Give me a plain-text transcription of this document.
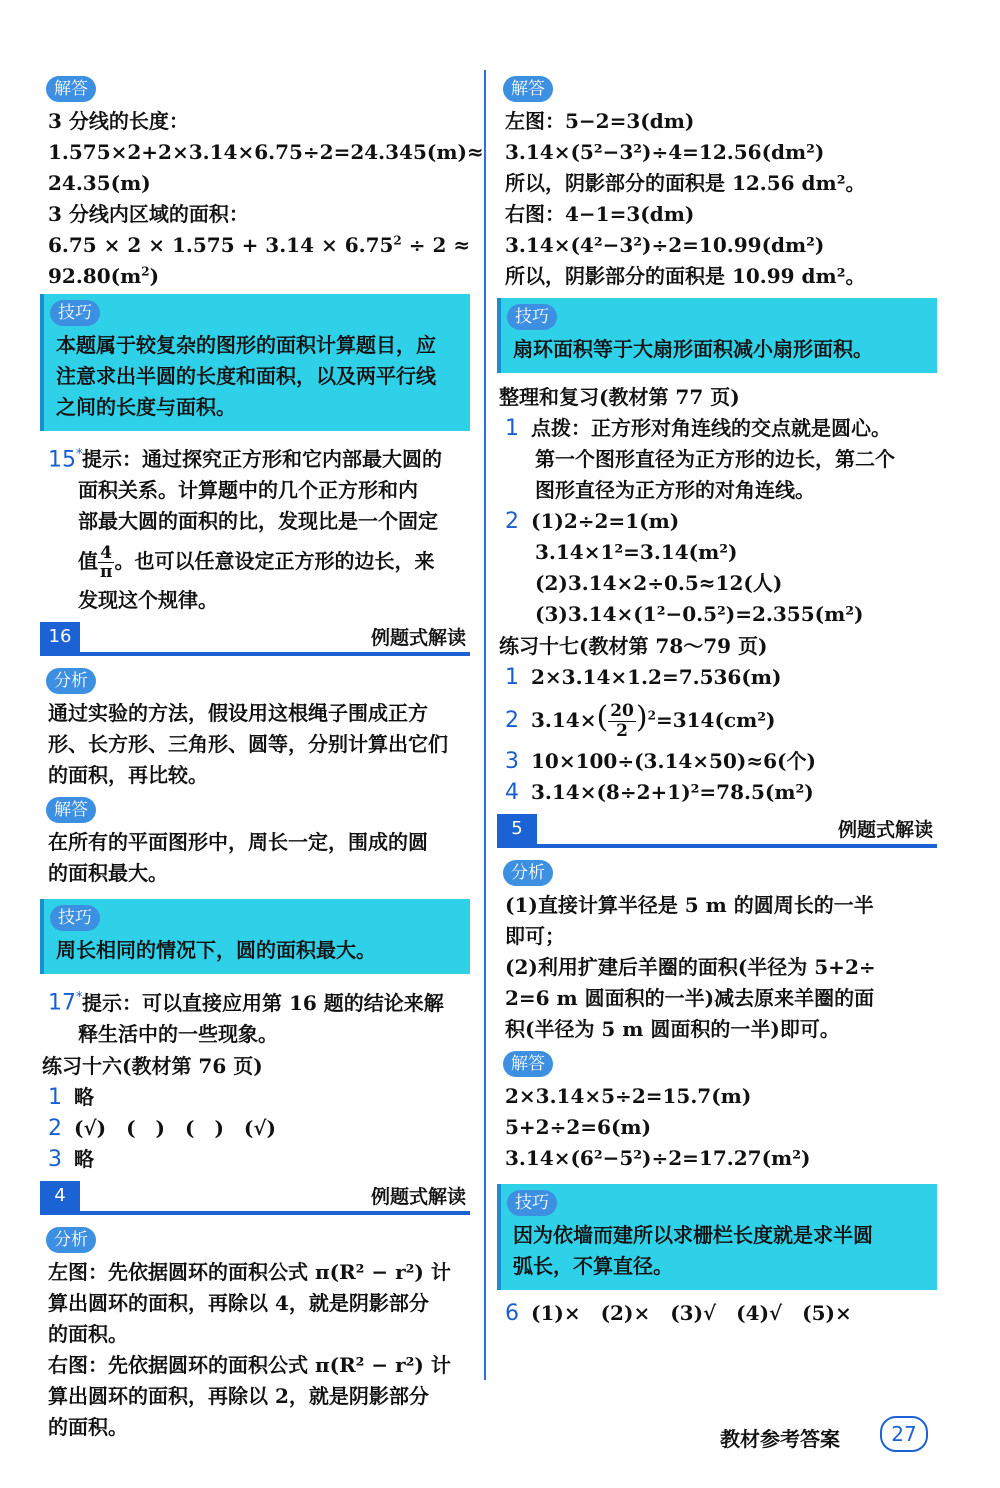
解答
3 分线的长度：
1.575×2+2×3.14×6.75÷2=24.345(m)≈
24.35(m)
3 分线内区域的面积：
$6.75 \times 2 \times 1.575 + 3.14 \times 6.75^2 \div 2$ ≈
$92.80(m^2)$
技巧
本题属于较复杂的图形的面积计算题目，应
注意求出半圆的长度和面积，以及两平行线
之间的长度与面积。
15*提示：通过探究正方形和它内部最大圆的
面积关系。计算题中的几个正方形和内
部最大圆的面积的比，发现比是一个固定
值 $\frac{4}{\pi}$ 。也可以任意设定正方形的边长，来
发现这个规律。
16	例题式解读
分析
通过实验的方法，假设用这根绳子围成正方
形、长方形、三角形、圆等，分别计算出它们
的面积，再比较。
解答
在所有的平面图形中，周长一定，围成的圆
的面积最大。
技巧
周长相同的情况下，圆的面积最大。
17*提示：可以直接应用第 16 题的结论来解
释生活中的一些现象。
练习十六(教材第 76 页)
1 略
2 (√)　(　)　(　)　(√)
3 略
4	例题式解读
分析
左图：先依据圆环的面积公式 π(R² − r²) 计
算出圆环的面积，再除以 4，就是阴影部分
的面积。
右图：先依据圆环的面积公式 π(R² − r²) 计
算出圆环的面积，再除以 2，就是阴影部分
的面积。
解答
左图：5−2=3(dm)
3.14×(5²−3²)÷4=12.56(dm²)
所以，阴影部分的面积是 12.56 dm²。
右图：4−1=3(dm)
3.14×(4²−3²)÷2=10.99(dm²)
所以，阴影部分的面积是 10.99 dm²。
技巧
扇环面积等于大扇形面积减小扇形面积。
整理和复习(教材第 77 页)
1 点拨：正方形对角连线的交点就是圆心。
第一个图形直径为正方形的边长，第二个
图形直径为正方形的对角连线。
2 (1)2÷2=1(m)
3.14×1²=3.14(m²)
(2)3.14×2÷0.5≈12(人)
(3)3.14×(1²−0.5²)=2.355(m²)
练习十七(教材第 78～79 页)
1 2×3.14×1.2=7.536(m)
2 $3.14\times( \frac{20}{2} )^2=314(cm^2)$
3 10×100÷(3.14×50)≈6(个)
4 3.14×(8÷2+1)²=78.5(m²)
5	例题式解读
分析
(1)直接计算半径是 5 m 的圆周长的一半
即可；
(2)利用扩建后羊圈的面积(半径为 5+2÷
2=6 m 圆面积的一半)减去原来羊圈的面
积(半径为 5 m 圆面积的一半)即可。
解答
2×3.14×5÷2=15.7(m)
5+2÷2=6(m)
3.14×(6²−5²)÷2=17.27(m²)
技巧
因为依墙而建所以求栅栏长度就是求半圆
弧长，不算直径。
6 (1)×　(2)×　(3)√　(4)√　(5)×
教材参考答案	27
